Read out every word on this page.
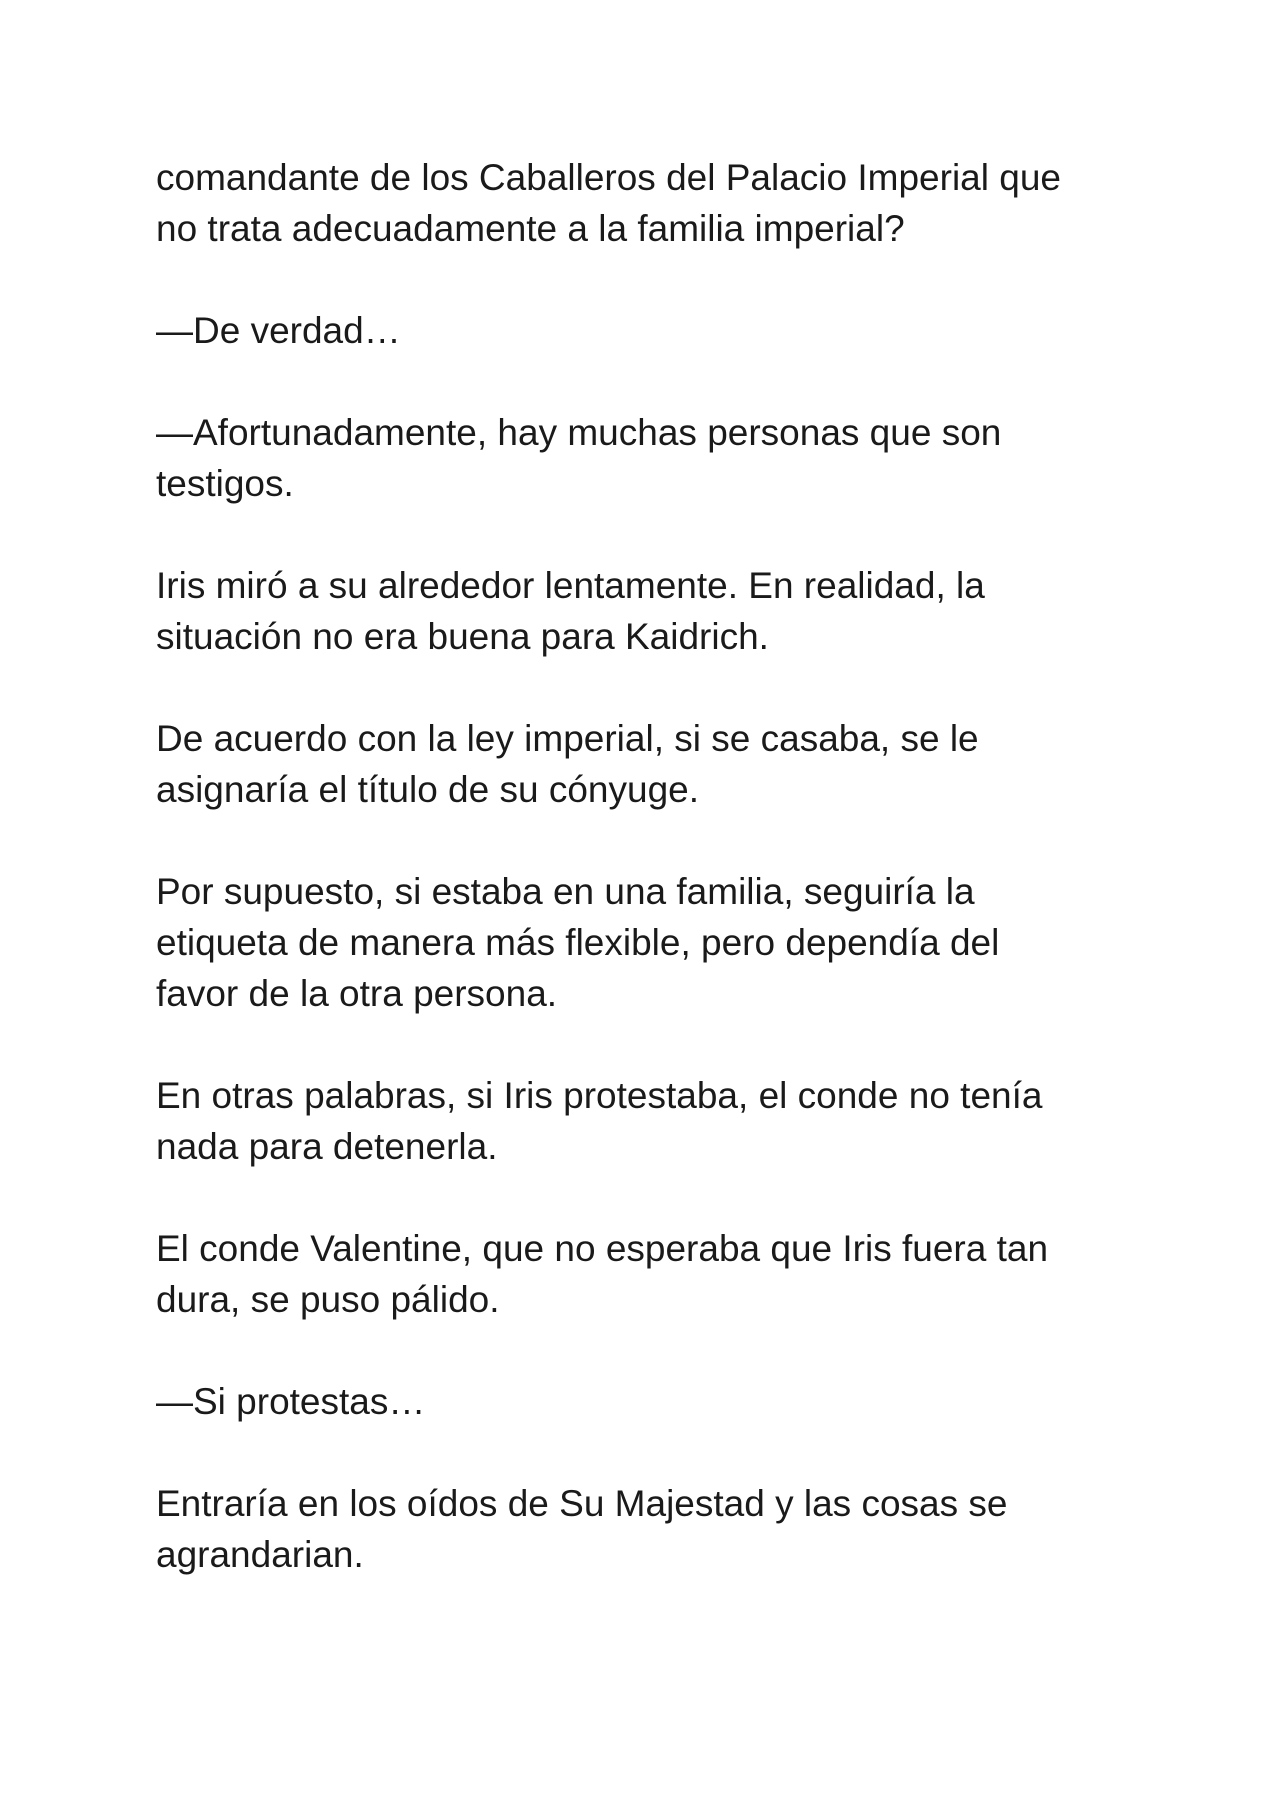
comandante de los Caballeros del Palacio Imperial que
no trata adecuadamente a la familia imperial?

—De verdad…

—Afortunadamente, hay muchas personas que son
testigos.

Iris miró a su alrededor lentamente. En realidad, la
situación no era buena para Kaidrich.

De acuerdo con la ley imperial, si se casaba, se le
asignaría el título de su cónyuge.

Por supuesto, si estaba en una familia, seguiría la
etiqueta de manera más flexible, pero dependía del
favor de la otra persona.

En otras palabras, si Iris protestaba, el conde no tenía
nada para detenerla.

El conde Valentine, que no esperaba que Iris fuera tan
dura, se puso pálido.

—Si protestas…

Entraría en los oídos de Su Majestad y las cosas se
agrandarian.
